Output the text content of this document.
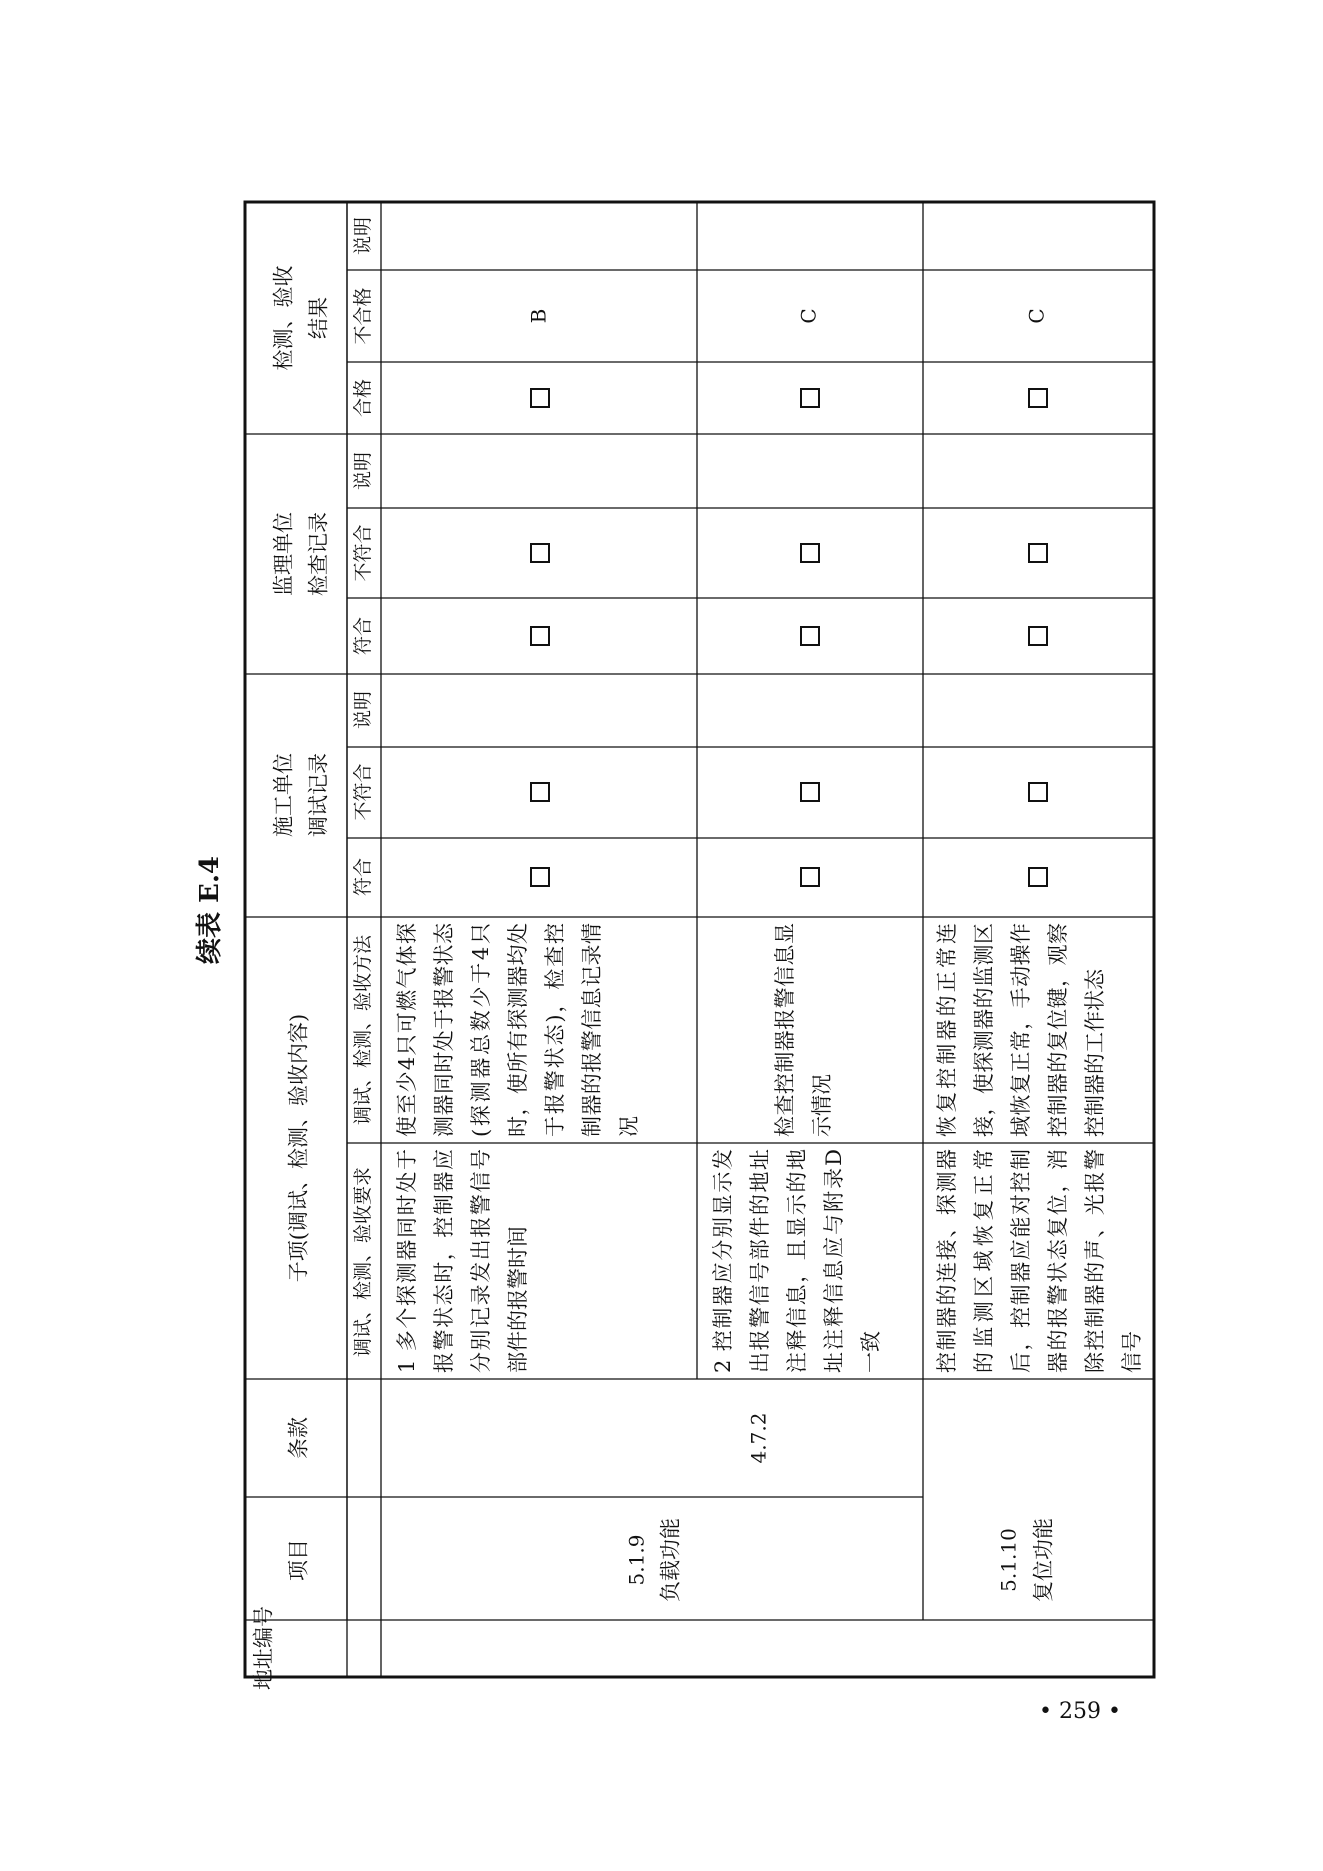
续表 E.4
地址编号
项目
条款
子项(调试、检测、验收内容) 调试、检测、验收要求
调试、检测、验收方法
施工单位 调试记录
符合
不符合
说明
监理单位 检查记录
符合
不符合
说明
检测、验收 结果
合格
不合格
说明
5.1.9 负载功能
4.7.2
5.1.10 复位功能
1 多个探测器同时处于报警状态时，控制器应分别记录发出报警信号部件的报警时间
使至少4只可燃气体探测器同时处于报警状态(探测器总数少于4只时，使所有探测器均处于报警状态)，检查控制器的报警信息记录情况
2 控制器应分别显示发出报警信号部件的地址注释信息，且显示的地址注释信息应与附录D一致
检查控制器报警信息显示情况
控制器的连接、探测器的监测区域恢复正常后，控制器应能对控制器的报警状态复位，消除控制器的声、光报警信号
恢复控制器的正常连接，使探测器的监测区域恢复正常，手动操作控制器的复位键，观察控制器的工作状态
B	C	C
• 259 •
